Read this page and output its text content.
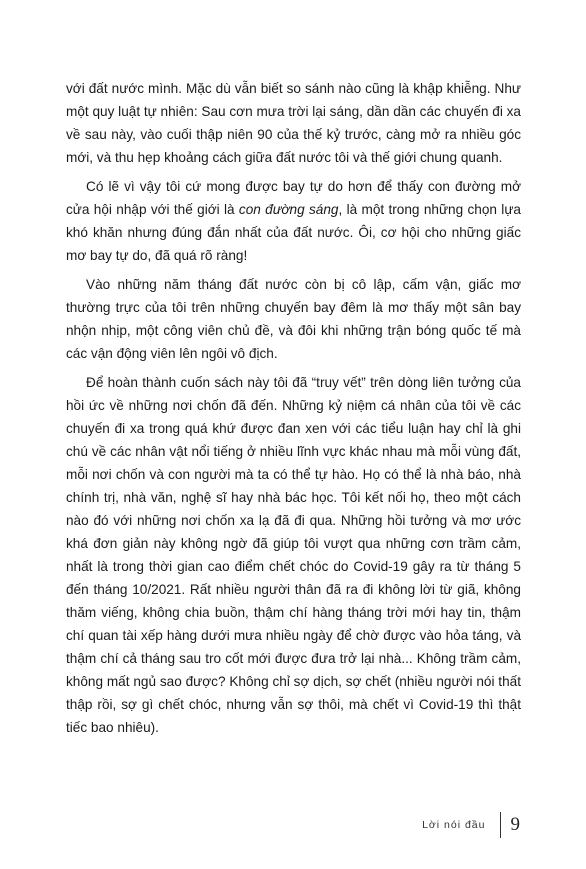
với đất nước mình. Mặc dù vẫn biết so sánh nào cũng là khập khiễng. Như một quy luật tự nhiên: Sau cơn mưa trời lại sáng, dần dần các chuyến đi xa về sau này, vào cuối thập niên 90 của thế kỷ trước, càng mở ra nhiều góc mới, và thu hẹp khoảng cách giữa đất nước tôi và thế giới chung quanh.

Có lẽ vì vậy tôi cứ mong được bay tự do hơn để thấy con đường mở cửa hội nhập với thế giới là con đường sáng, là một trong những chọn lựa khó khăn nhưng đúng đắn nhất của đất nước. Ôi, cơ hội cho những giấc mơ bay tự do, đã quá rõ ràng!

Vào những năm tháng đất nước còn bị cô lập, cấm vận, giấc mơ thường trực của tôi trên những chuyến bay đêm là mơ thấy một sân bay nhộn nhịp, một công viên chủ đề, và đôi khi những trận bóng quốc tế mà các vận động viên lên ngôi vô địch.

Để hoàn thành cuốn sách này tôi đã “truy vết” trên dòng liên tưởng của hồi ức về những nơi chốn đã đến. Những kỷ niệm cá nhân của tôi về các chuyến đi xa trong quá khứ được đan xen với các tiểu luận hay chỉ là ghi chú về các nhân vật nổi tiếng ở nhiều lĩnh vực khác nhau mà mỗi vùng đất, mỗi nơi chốn và con người mà ta có thể tự hào. Họ có thể là nhà báo, nhà chính trị, nhà văn, nghệ sĩ hay nhà bác học. Tôi kết nối họ, theo một cách nào đó với những nơi chốn xa lạ đã đi qua. Những hồi tưởng và mơ ước khá đơn giản này không ngờ đã giúp tôi vượt qua những cơn trầm cảm, nhất là trong thời gian cao điểm chết chóc do Covid-19 gây ra từ tháng 5 đến tháng 10/2021. Rất nhiều người thân đã ra đi không lời từ giã, không thăm viếng, không chia buồn, thậm chí hàng tháng trời mới hay tin, thậm chí quan tài xếp hàng dưới mưa nhiều ngày để chờ được vào hỏa táng, và thậm chí cả tháng sau tro cốt mới được đưa trở lại nhà... Không trầm cảm, không mất ngủ sao được? Không chỉ sợ dịch, sợ chết (nhiều người nói thất thập rồi, sợ gì chết chóc, nhưng vẫn sợ thôi, mà chết vì Covid-19 thì thật tiếc bao nhiêu).

Lời nói đầu 9
